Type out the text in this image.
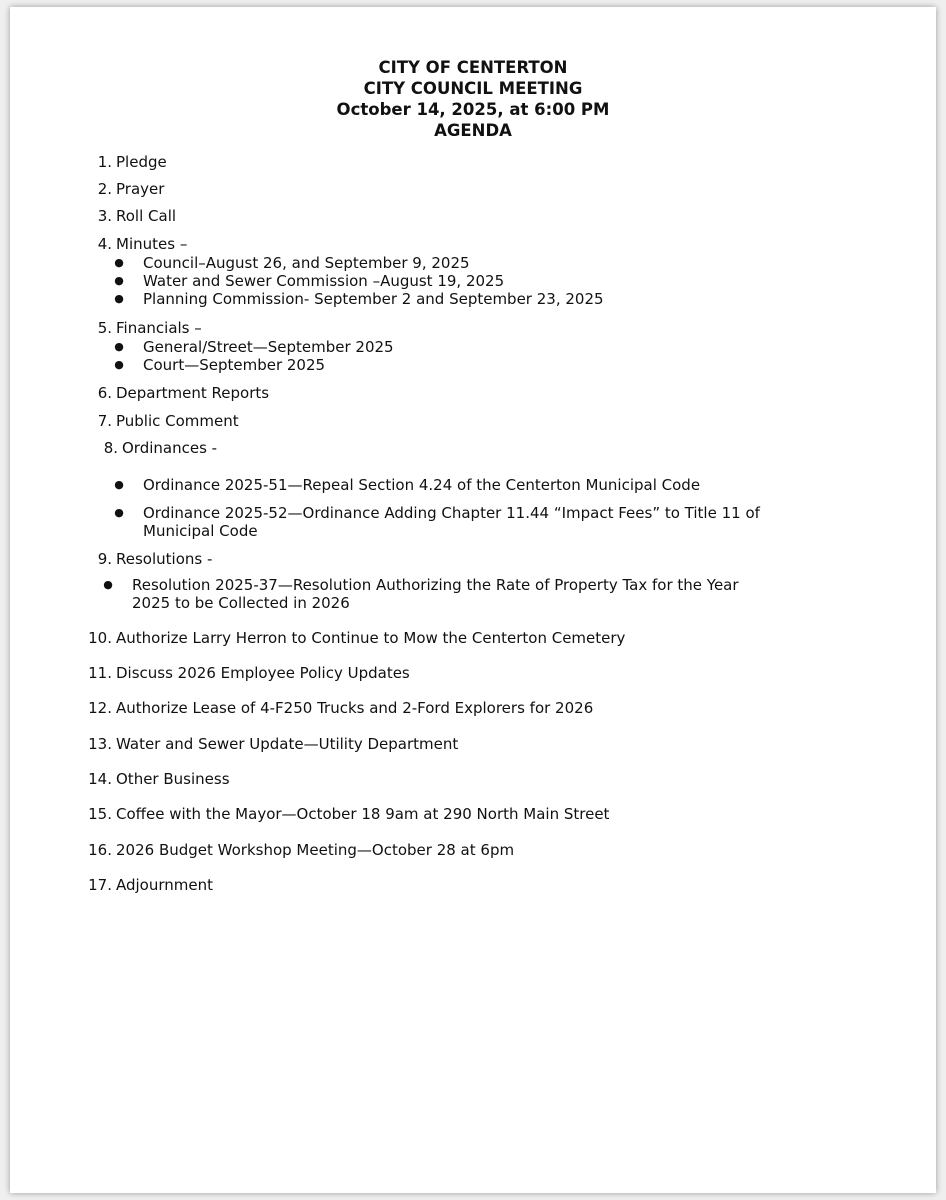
CITY OF CENTERTON
CITY COUNCIL MEETING
October 14, 2025, at 6:00 PM
AGENDA
1. Pledge
2. Prayer
3. Roll Call
4. Minutes –
● Council–August 26, and September 9, 2025
● Water and Sewer Commission –August 19, 2025
● Planning Commission- September 2 and September 23, 2025
5. Financials –
● General/Street—September 2025
● Court—September 2025
6. Department Reports
7. Public Comment
8. Ordinances -
● Ordinance 2025-51—Repeal Section 4.24 of the Centerton Municipal Code
● Ordinance 2025-52—Ordinance Adding Chapter 11.44 “Impact Fees” to Title 11 of Municipal Code
9. Resolutions -
● Resolution 2025-37—Resolution Authorizing the Rate of Property Tax for the Year 2025 to be Collected in 2026
10. Authorize Larry Herron to Continue to Mow the Centerton Cemetery
11. Discuss 2026 Employee Policy Updates
12. Authorize Lease of 4-F250 Trucks and 2-Ford Explorers for 2026
13. Water and Sewer Update—Utility Department
14. Other Business
15. Coffee with the Mayor—October 18 9am at 290 North Main Street
16. 2026 Budget Workshop Meeting—October 28 at 6pm
17. Adjournment
